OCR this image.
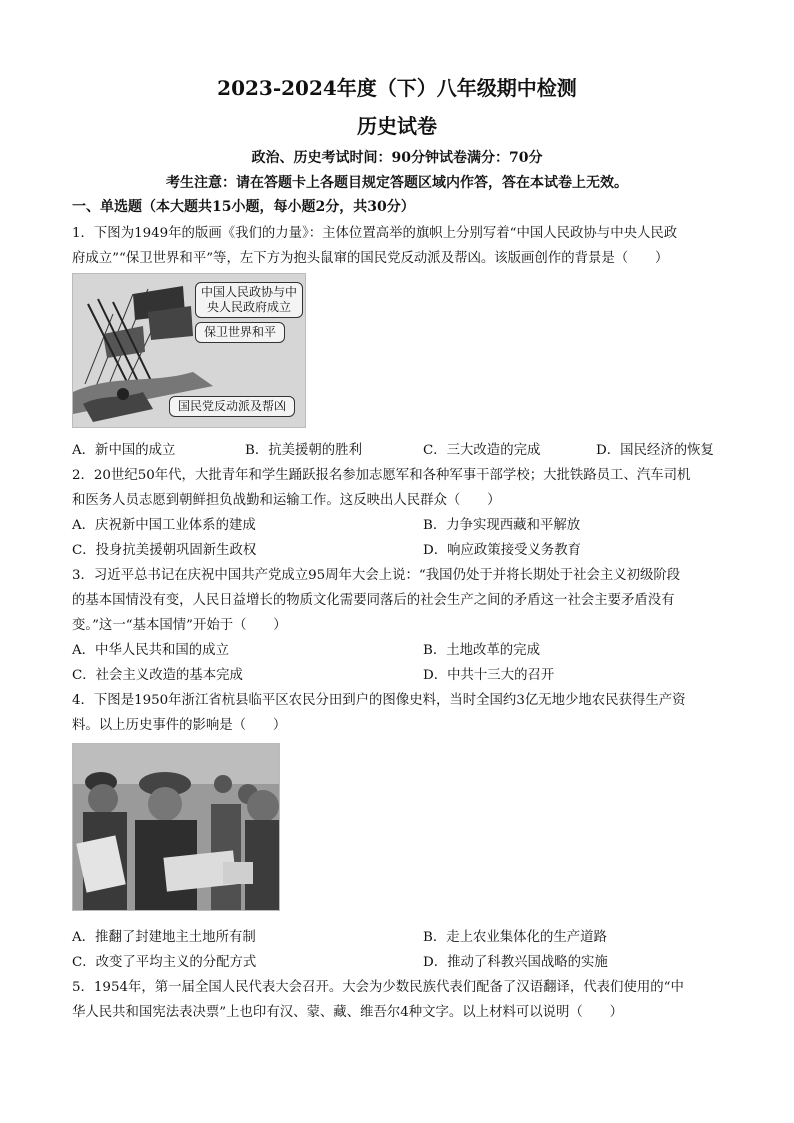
2023-2024年度（下）八年级期中检测
历史试卷
政治、历史考试时间：90分钟试卷满分：70分
考生注意：请在答题卡上各题目规定答题区域内作答，答在本试卷上无效。
一、单选题（本大题共15小题，每小题2分，共30分）
1．下图为1949年的版画《我们的力量》：主体位置高举的旗帜上分别写着“中国人民政协与中央人民政
府成立”“保卫世界和平”等，左下方为抱头鼠窜的国民党反动派及帮凶。该版画创作的背景是（　　）
中国人民政协与中
央人民政府成立
保卫世界和平
国民党反动派及帮凶
A．新中国的成立	B．抗美援朝的胜利	C．三大改造的完成	D．国民经济的恢复
2．20世纪50年代，大批青年和学生踊跃报名参加志愿军和各种军事干部学校；大批铁路员工、汽车司机
和医务人员志愿到朝鲜担负战勤和运输工作。这反映出人民群众（　　）
A．庆祝新中国工业体系的建成	B．力争实现西藏和平解放
C．投身抗美援朝巩固新生政权	D．响应政策接受义务教育
3．习近平总书记在庆祝中国共产党成立95周年大会上说：“我国仍处于并将长期处于社会主义初级阶段
的基本国情没有变，人民日益增长的物质文化需要同落后的社会生产之间的矛盾这一社会主要矛盾没有
变。”这一“基本国情”开始于（　　）
A．中华人民共和国的成立	B．土地改革的完成
C．社会主义改造的基本完成	D．中共十三大的召开
4．下图是1950年浙江省杭县临平区农民分田到户的图像史料，当时全国约3亿无地少地农民获得生产资
料。以上历史事件的影响是（　　）
A．推翻了封建地主土地所有制	B．走上农业集体化的生产道路
C．改变了平均主义的分配方式	D．推动了科教兴国战略的实施
5．1954年，第一届全国人民代表大会召开。大会为少数民族代表们配备了汉语翻译，代表们使用的“中
华人民共和国宪法表决票”上也印有汉、蒙、藏、维吾尔4种文字。以上材料可以说明（　　）
